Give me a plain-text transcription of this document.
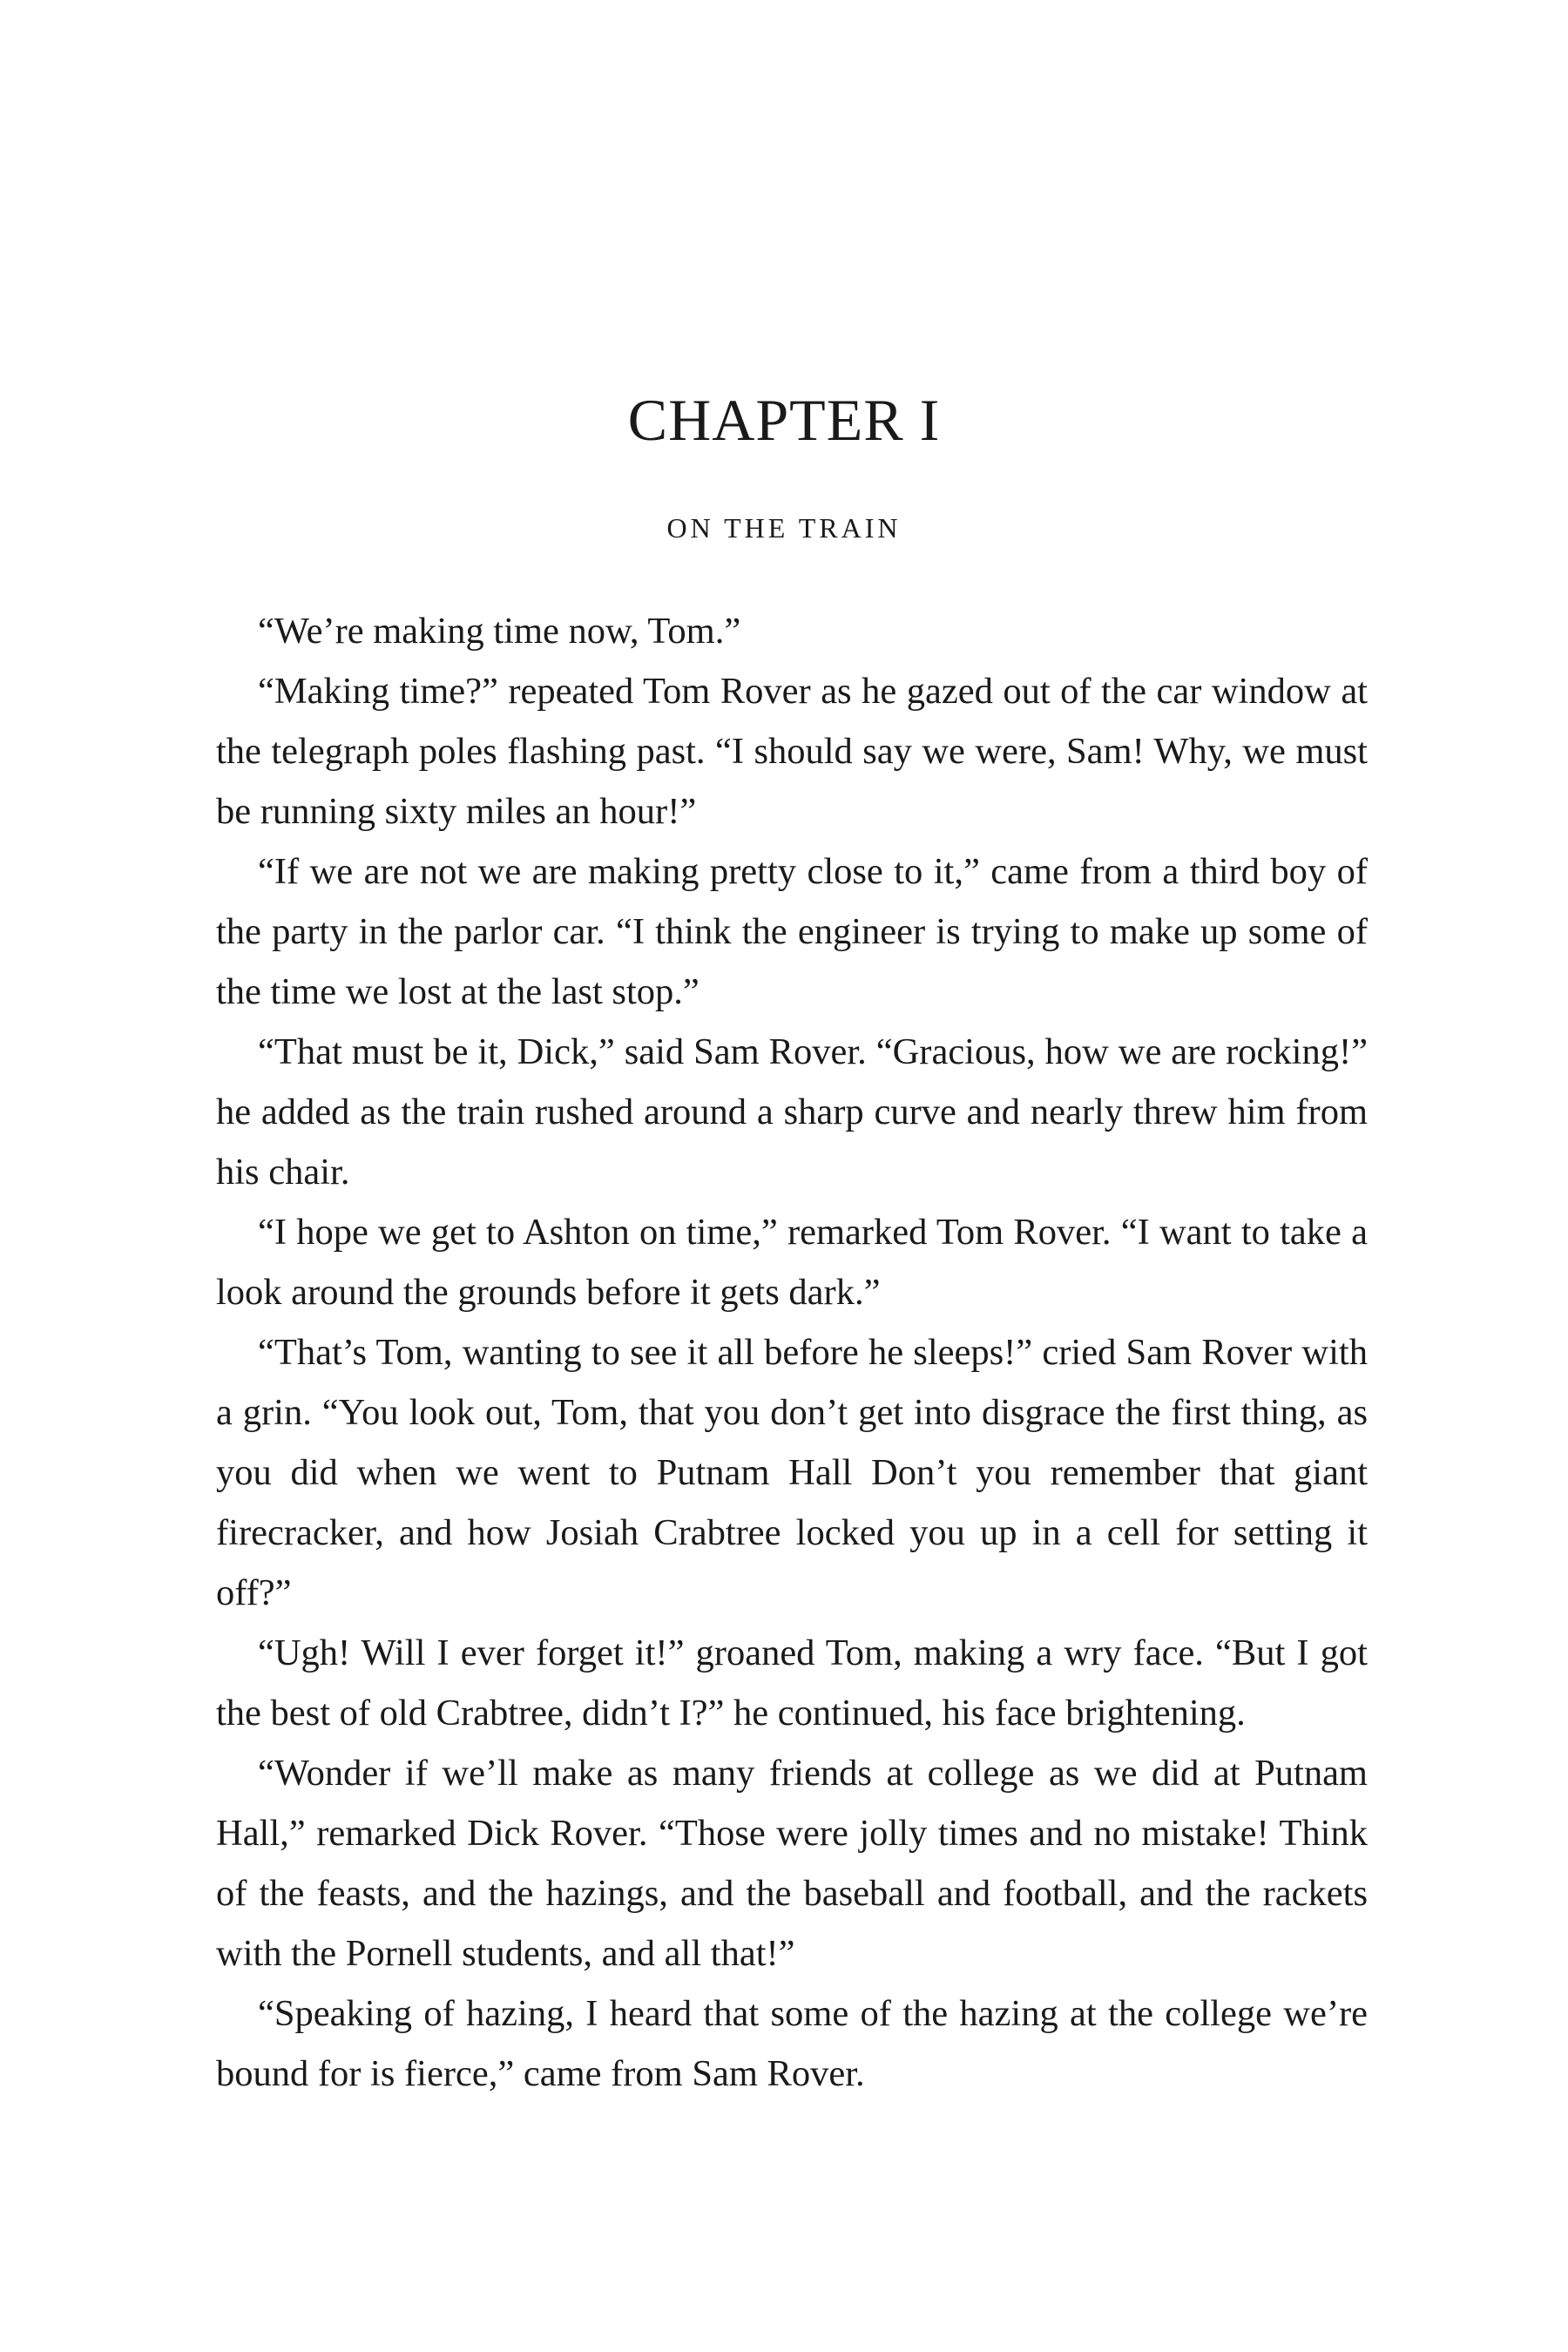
CHAPTER I
ON THE TRAIN

“We’re making time now, Tom.”

“Making time?” repeated Tom Rover as he gazed out of the car window at the telegraph poles flashing past. “I should say we were, Sam! Why, we must be running sixty miles an hour!”

“If we are not we are making pretty close to it,” came from a third boy of the party in the parlor car. “I think the engineer is trying to make up some of the time we lost at the last stop.”

“That must be it, Dick,” said Sam Rover. “Gracious, how we are rocking!” he added as the train rushed around a sharp curve and nearly threw him from his chair.

“I hope we get to Ashton on time,” remarked Tom Rover. “I want to take a look around the grounds before it gets dark.”

“That’s Tom, wanting to see it all before he sleeps!” cried Sam Rover with a grin. “You look out, Tom, that you don’t get into disgrace the first thing, as you did when we went to Putnam Hall Don’t you remember that giant firecracker, and how Josiah Crabtree locked you up in a cell for setting it off?”

“Ugh! Will I ever forget it!” groaned Tom, making a wry face. “But I got the best of old Crabtree, didn’t I?” he continued, his face brightening.

“Wonder if we’ll make as many friends at college as we did at Putnam Hall,” remarked Dick Rover. “Those were jolly times and no mistake! Think of the feasts, and the hazings, and the baseball and football, and the rackets with the Pornell students, and all that!”

“Speaking of hazing, I heard that some of the hazing at the college we’re bound for is fierce,” came from Sam Rover.
